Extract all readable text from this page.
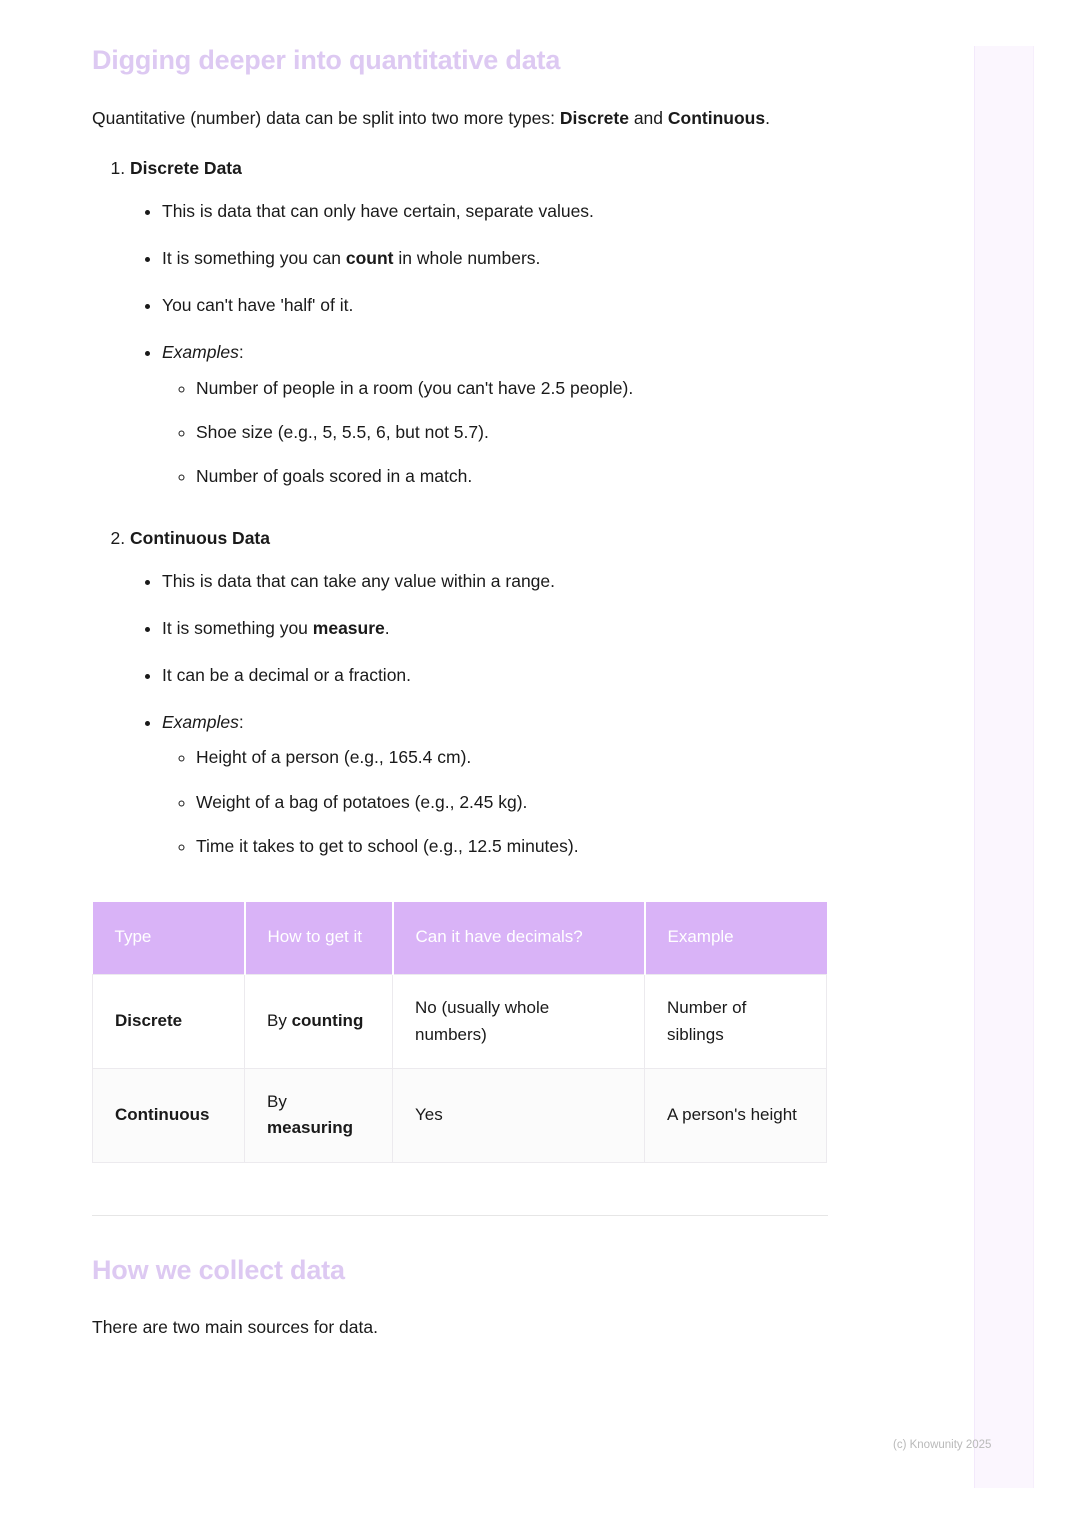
Digging deeper into quantitative data

Quantitative (number) data can be split into two more types: Discrete and Continuous.

1. Discrete Data
• This is data that can only have certain, separate values.
• It is something you can count in whole numbers.
• You can't have 'half' of it.
• Examples:
◦ Number of people in a room (you can't have 2.5 people).
◦ Shoe size (e.g., 5, 5.5, 6, but not 5.7).
◦ Number of goals scored in a match.
2. Continuous Data
• This is data that can take any value within a range.
• It is something you measure.
• It can be a decimal or a fraction.
• Examples:
◦ Height of a person (e.g., 165.4 cm).
◦ Weight of a bag of potatoes (e.g., 2.45 kg).
◦ Time it takes to get to school (e.g., 12.5 minutes).
Type	How to get it	Can it have decimals?	Example
Discrete	By counting	No (usually whole numbers)	Number of siblings
Continuous	By measuring	Yes	A person's height
How we collect data

There are two main sources for data.

(c) Knowunity 2025
